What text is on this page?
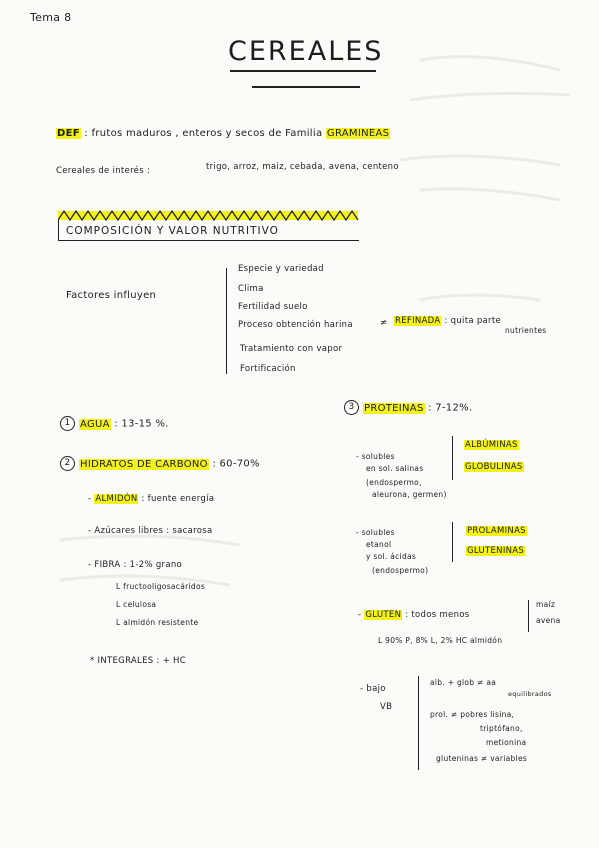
Tema 8
CEREALES
DEF : frutos maduros , enteros y secos de Familia GRAMINEAS
Cereales de interés :	trigo, arroz, maiz, cebada, avena, centeno
COMPOSICIÓN Y VALOR NUTRITIVO
Factores influyen
Especie y variedad
Clima
Fertilidad suelo
Proceso obtención harina	≠ REFINADA : quita parte
nutrientes
Tratamiento con vapor
Fortificación
1 AGUA : 13-15 %.
2 HIDRATOS DE CARBONO : 60-70%
- ALMIDÓN : fuente energía
- Azúcares libres : sacarosa
- FIBRA : 1-2% grano
L fructooligosacáridos
L celulosa
L almidón resistente
* INTEGRALES : + HC
3 PROTEINAS : 7-12%.
- solubles
en sol. salinas
(endospermo,
aleurona, germen)
ALBÚMINAS
GLOBULINAS
- solubles
etanol
y sol. ácidas
(endospermo)
PROLAMINAS
GLUTENINAS
- GLUTEN : todos menos
maíz
avena
L 90% P, 8% L, 2% HC almidón
- bajo
VB
alb. + glob ≠ aa
equilibrados
prol. ≠ pobres lisina,
triptófano,
metionina
gluteninas ≠ variables
